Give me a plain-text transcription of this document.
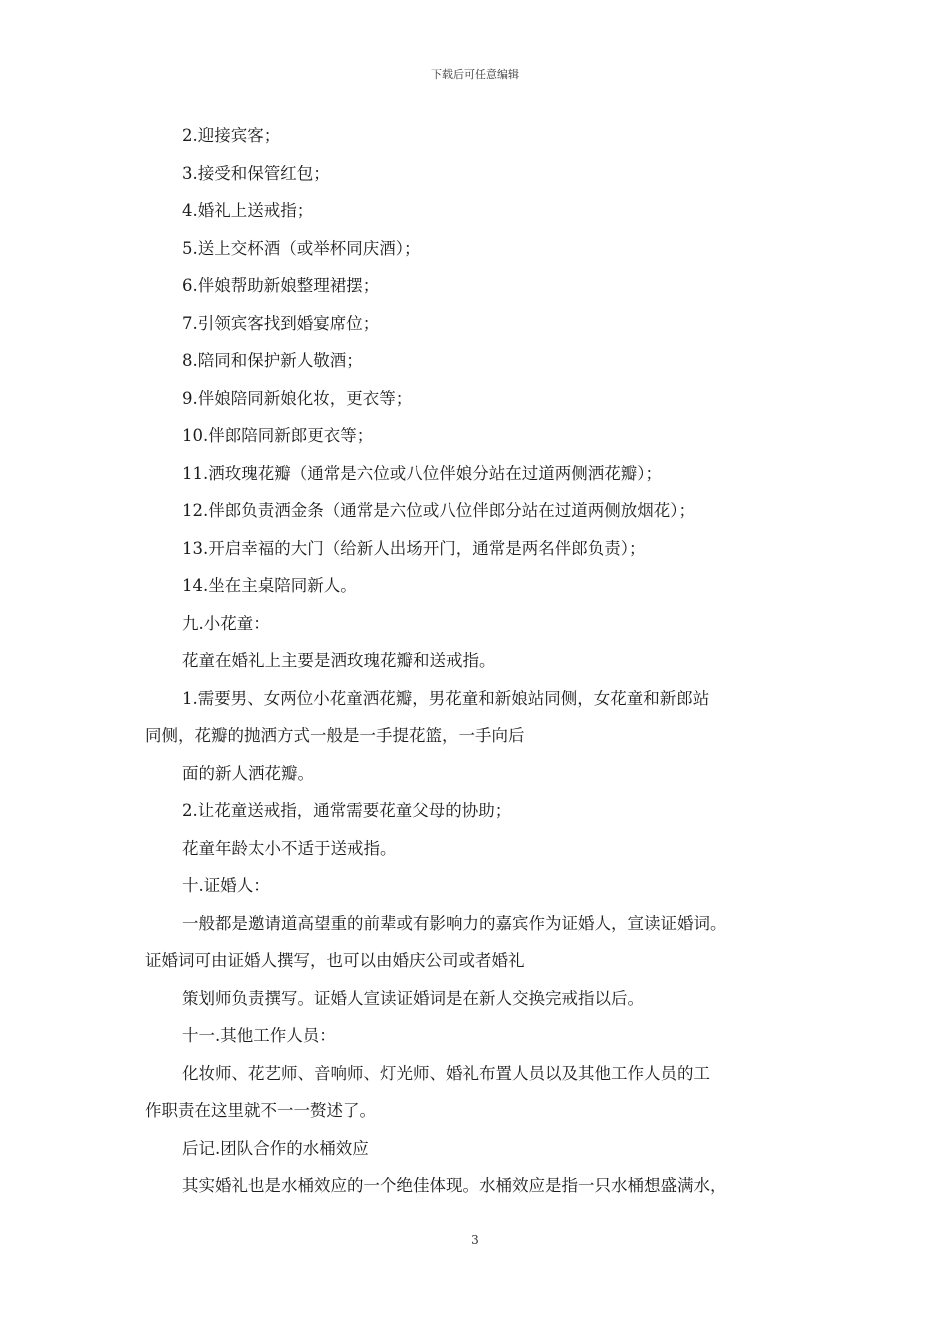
下载后可任意编辑
2.迎接宾客；
3.接受和保管红包；
4.婚礼上送戒指；
5.送上交杯酒（或举杯同庆酒）；
6.伴娘帮助新娘整理裙摆；
7.引领宾客找到婚宴席位；
8.陪同和保护新人敬酒；
9.伴娘陪同新娘化妆，更衣等；
10.伴郎陪同新郎更衣等；
11.洒玫瑰花瓣（通常是六位或八位伴娘分站在过道两侧洒花瓣）；
12.伴郎负责洒金条（通常是六位或八位伴郎分站在过道两侧放烟花）；
13.开启幸福的大门（给新人出场开门，通常是两名伴郎负责）；
14.坐在主桌陪同新人。
九.小花童：
花童在婚礼上主要是洒玫瑰花瓣和送戒指。
1.需要男、女两位小花童洒花瓣，男花童和新娘站同侧，女花童和新郎站
同侧，花瓣的抛洒方式一般是一手提花篮，一手向后
面的新人洒花瓣。
2.让花童送戒指，通常需要花童父母的协助；
花童年龄太小不适于送戒指。
十.证婚人：
一般都是邀请道高望重的前辈或有影响力的嘉宾作为证婚人，宣读证婚词。
证婚词可由证婚人撰写，也可以由婚庆公司或者婚礼
策划师负责撰写。证婚人宣读证婚词是在新人交换完戒指以后。
十一.其他工作人员：
化妆师、花艺师、音响师、灯光师、婚礼布置人员以及其他工作人员的工
作职责在这里就不一一赘述了。
后记.团队合作的水桶效应
其实婚礼也是水桶效应的一个绝佳体现。水桶效应是指一只水桶想盛满水，
3
